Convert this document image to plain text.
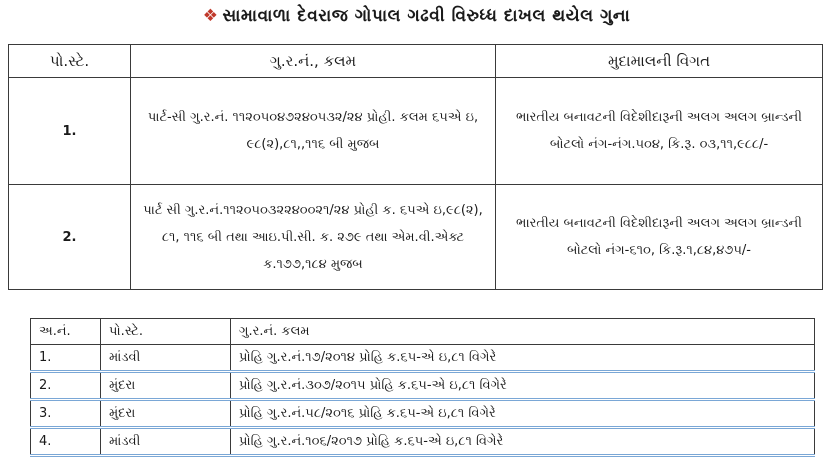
❖ સામાવાળા દેવરાજ ગોપાલ ગઢવી વિરુધ્ધ દાખલ થયેલ ગુના
પો.સ્ટે.	ગુ.ર.નં., કલમ	મુદામાલની વિગત
1.	પાર્ટ-સી ગુ.ર.નં. ૧૧૨૦૫૦૪૭૨૪૦૫૩૨/૨૪ પ્રોહી. કલમ ૬૫એ ઇ, ૯૮(૨),૮૧,,૧૧૬ બી મુજબ	ભારતીય બનાવટની વિદેશીદારૂની અલગ અલગ બ્રાન્ડની બોટલો નંગ-નંગ.૫૦૪, કિ.રૂ. ૦૩,૧૧,૯૮૮/-
2.	પાર્ટ સી ગુ.ર.નં.૧૧૨૦૫૦૩૨૨૪૦૦૨૧/૨૪ પ્રોહી ક. ૬૫એ ઇ,૯૮(૨), ૮૧, ૧૧૬ બી તથા આઇ.પી.સી. ક. ૨૭૯ તથા એમ.વી.એક્ટ ક.૧૭૭,૧૮૪ મુજબ	ભારતીય બનાવટની વિદેશીદારૂની અલગ અલગ બ્રાન્ડની બોટલો નંગ-૬૧૦, કિ.રૂ.૧,૮૪,૪૭૫/-
અ.નં.	પો.સ્ટે.	ગુ.ર.નં. કલમ
1.	માંડવી	પ્રોહિ ગુ.ર.નં.૧૭/૨૦૧૪ પ્રોહિ ક.૬૫-એ ઇ,૮૧ વિગેરે
2.	મુંદરા	પ્રોહિ ગુ.ર.નં.૩૦૭/૨૦૧૫ પ્રોહિ ક.૬૫-એ ઇ,૮૧ વિગેરે
3.	મુંદરા	પ્રોહિ ગુ.ર.નં.૫૮/૨૦૧૬ પ્રોહિ ક.૬૫-એ ઇ,૮૧ વિગેરે
4.	માંડવી	પ્રોહિ ગુ.ર.નં.૧૦૬/૨૦૧૭ પ્રોહિ ક.૬૫-એ ઇ,૮૧ વિગેરે
